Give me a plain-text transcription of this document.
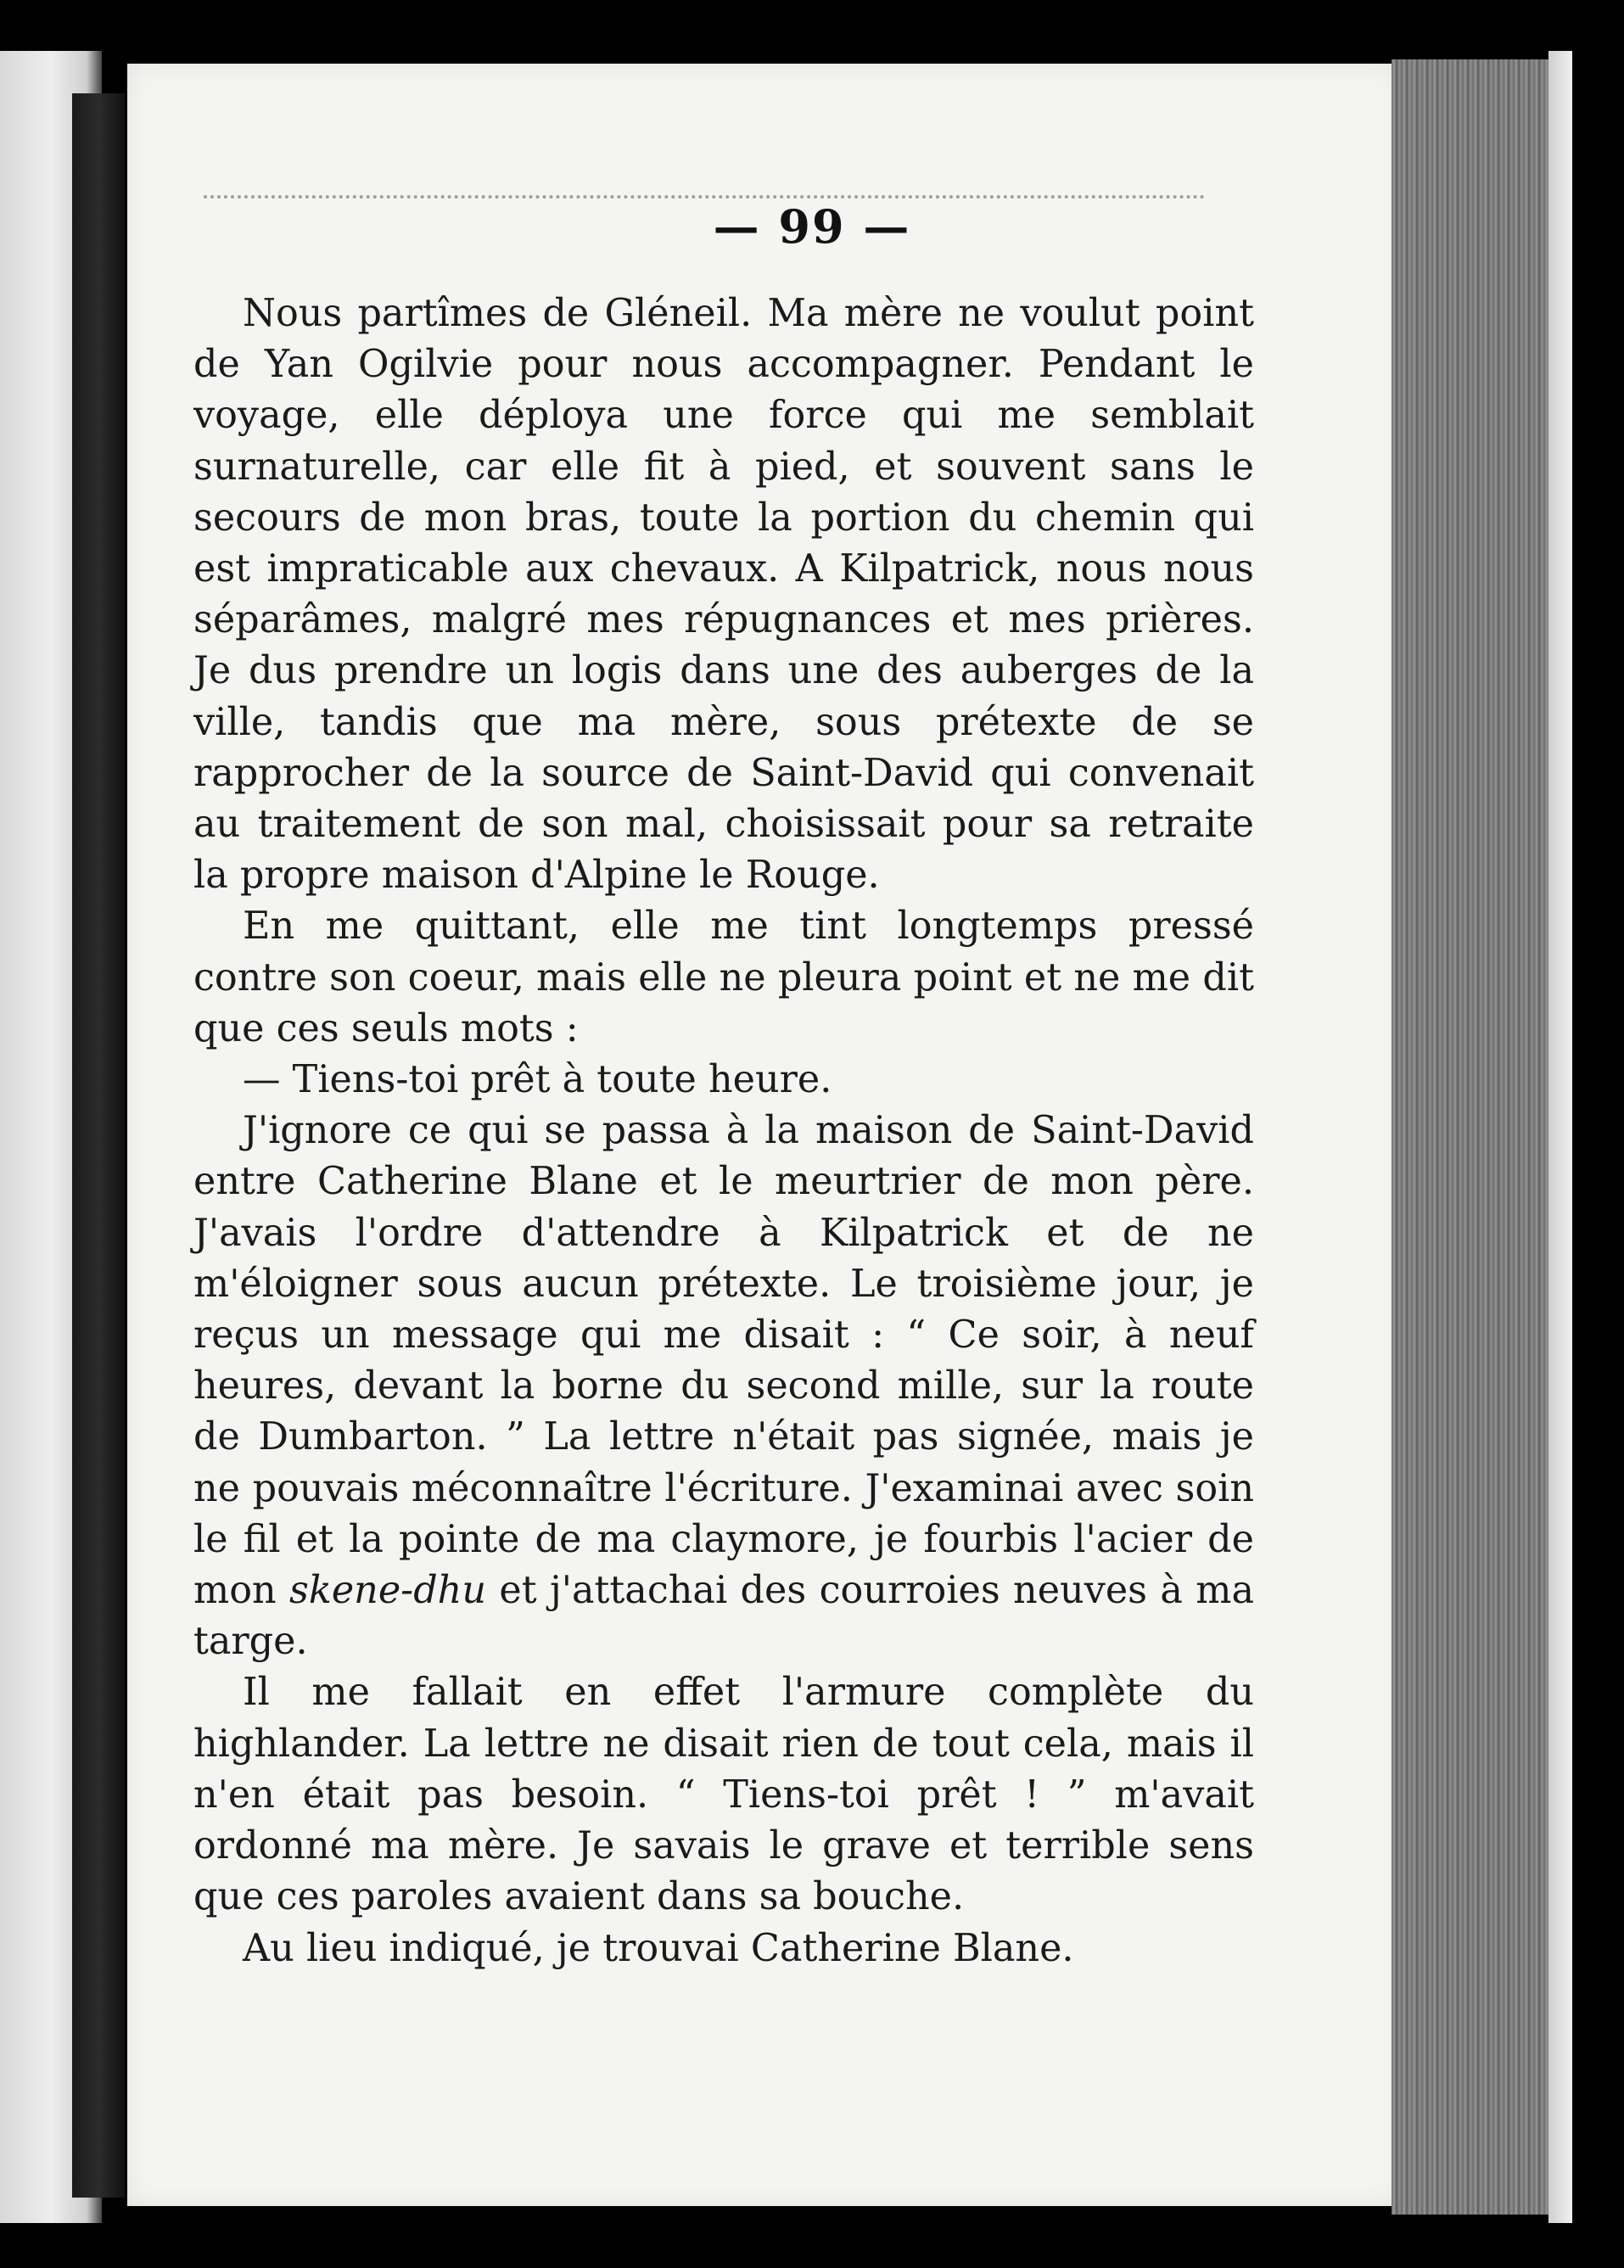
— 99 —

Nous partîmes de Gléneil. Ma mère ne voulut point de Yan Ogilvie pour nous accompagner. Pendant le voyage, elle déploya une force qui me semblait surnaturelle, car elle fit à pied, et souvent sans le secours de mon bras, toute la portion du chemin qui est impraticable aux chevaux. A Kilpatrick, nous nous séparâmes, malgré mes répugnances et mes prières. Je dus prendre un logis dans une des auberges de la ville, tandis que ma mère, sous prétexte de se rapprocher de la source de Saint-David qui convenait au traitement de son mal, choisissait pour sa retraite la propre maison d'Alpine le Rouge.

En me quittant, elle me tint longtemps pressé contre son coeur, mais elle ne pleura point et ne me dit que ces seuls mots :

— Tiens-toi prêt à toute heure.

J'ignore ce qui se passa à la maison de Saint-David entre Catherine Blane et le meurtrier de mon père. J'avais l'ordre d'attendre à Kilpatrick et de ne m'éloigner sous aucun prétexte. Le troisième jour, je reçus un message qui me disait : “ Ce soir, à neuf heures, devant la borne du second mille, sur la route de Dumbarton. ” La lettre n'était pas signée, mais je ne pouvais méconnaître l'écriture. J'examinai avec soin le fil et la pointe de ma claymore, je fourbis l'acier de mon skene-dhu et j'attachai des courroies neuves à ma targe.

Il me fallait en effet l'armure complète du highlander. La lettre ne disait rien de tout cela, mais il n'en était pas besoin. “ Tiens-toi prêt ! ” m'avait ordonné ma mère. Je savais le grave et terrible sens que ces paroles avaient dans sa bouche.

Au lieu indiqué, je trouvai Catherine Blane.
